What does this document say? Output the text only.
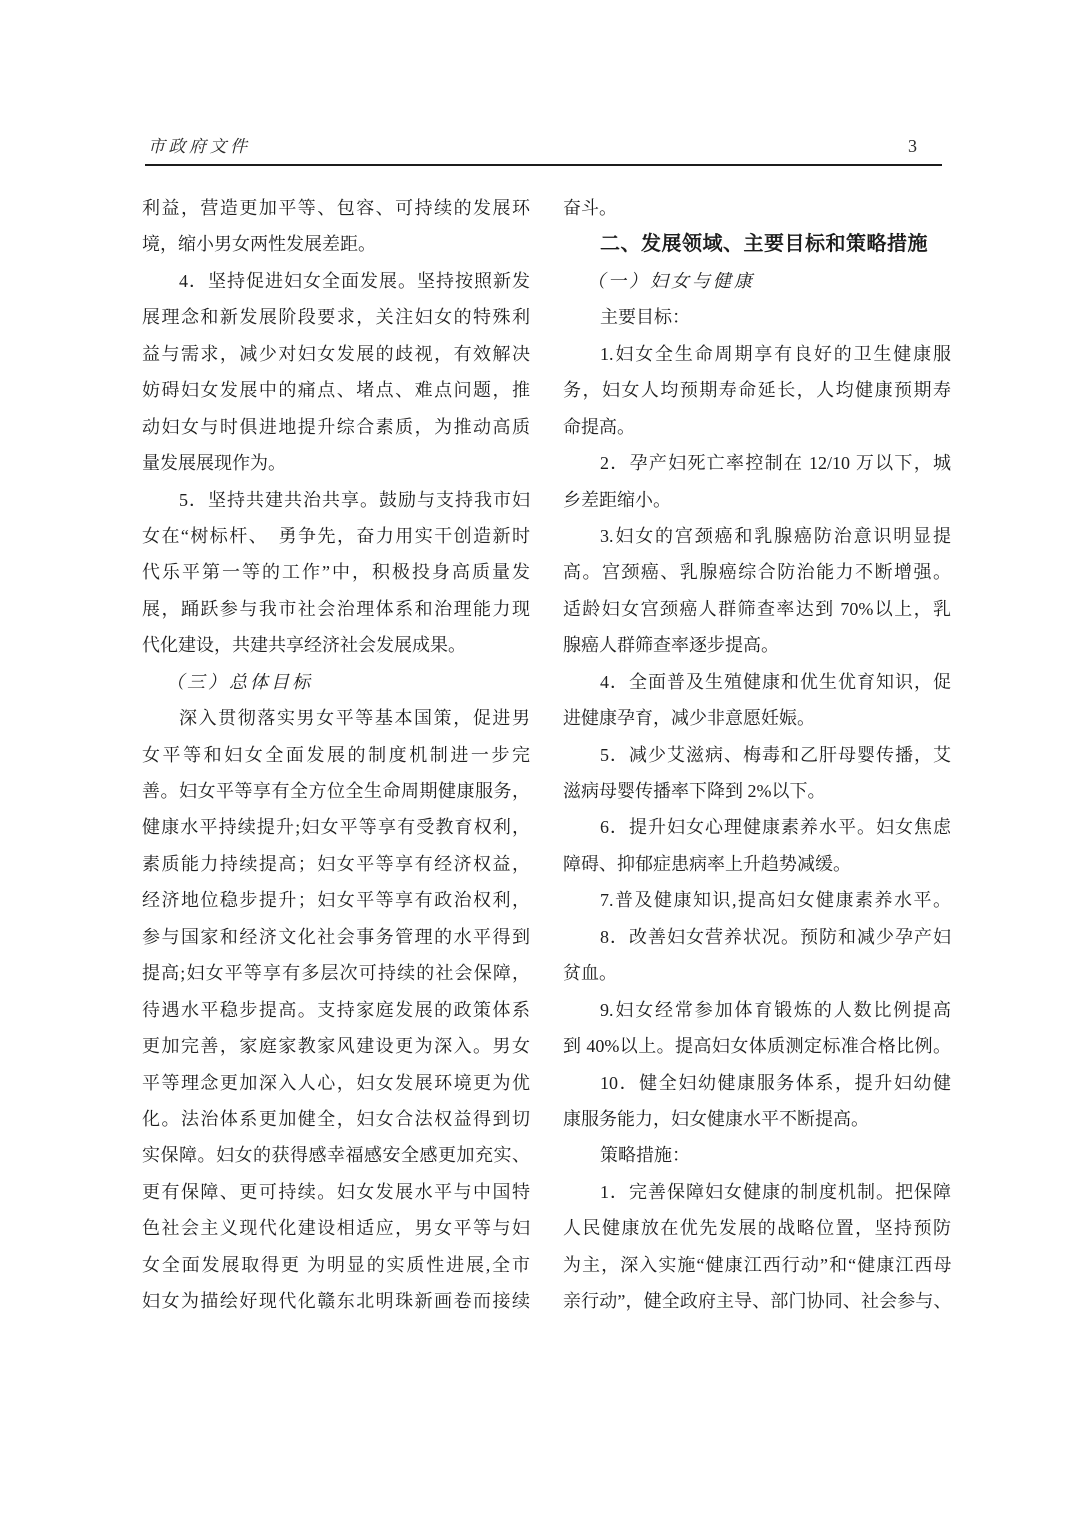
市政府文件	3
利益，营造更加平等、包容、可持续的发展环
境，缩小男女两性发展差距。
4．坚持促进妇女全面发展。坚持按照新发
展理念和新发展阶段要求，关注妇女的特殊利
益与需求，减少对妇女发展的歧视，有效解决
妨碍妇女发展中的痛点、堵点、难点问题，推
动妇女与时俱进地提升综合素质，为推动高质
量发展展现作为。
5．坚持共建共治共享。鼓励与支持我市妇
女在“树标杆、　勇争先，奋力用实干创造新时
代乐平第一等的工作”中，积极投身高质量发
展，踊跃参与我市社会治理体系和治理能力现
代化建设，共建共享经济社会发展成果。
（三）总体目标
深入贯彻落实男女平等基本国策，促进男
女平等和妇女全面发展的制度机制进一步完
善。妇女平等享有全方位全生命周期健康服务，
健康水平持续提升;妇女平等享有受教育权利，
素质能力持续提高；妇女平等享有经济权益，
经济地位稳步提升；妇女平等享有政治权利，
参与国家和经济文化社会事务管理的水平得到
提高;妇女平等享有多层次可持续的社会保障，
待遇水平稳步提高。支持家庭发展的政策体系
更加完善，家庭家教家风建设更为深入。男女
平等理念更加深入人心，妇女发展环境更为优
化。法治体系更加健全，妇女合法权益得到切
实保障。妇女的获得感幸福感安全感更加充实、
更有保障、更可持续。妇女发展水平与中国特
色社会主义现代化建设相适应，男女平等与妇
女全面发展取得更 为明显的实质性进展,全市
妇女为描绘好现代化赣东北明珠新画卷而接续
奋斗。
二、发展领域、主要目标和策略措施
（一）妇女与健康
主要目标：
1.妇女全生命周期享有良好的卫生健康服
务，妇女人均预期寿命延长，人均健康预期寿
命提高。
2．孕产妇死亡率控制在 12/10 万以下，城
乡差距缩小。
3.妇女的宫颈癌和乳腺癌防治意识明显提
高。宫颈癌、乳腺癌综合防治能力不断增强。
适龄妇女宫颈癌人群筛查率达到 70%以上，乳
腺癌人群筛查率逐步提高。
4．全面普及生殖健康和优生优育知识，促
进健康孕育，减少非意愿妊娠。
5．减少艾滋病、梅毒和乙肝母婴传播，艾
滋病母婴传播率下降到 2%以下。
6．提升妇女心理健康素养水平。妇女焦虑
障碍、抑郁症患病率上升趋势减缓。
7.普及健康知识,提高妇女健康素养水平。
8．改善妇女营养状况。预防和减少孕产妇
贫血。
9.妇女经常参加体育锻炼的人数比例提高
到 40%以上。提高妇女体质测定标准合格比例。
10．健全妇幼健康服务体系，提升妇幼健
康服务能力，妇女健康水平不断提高。
策略措施：
1．完善保障妇女健康的制度机制。把保障
人民健康放在优先发展的战略位置，坚持预防
为主，深入实施“健康江西行动”和“健康江西母
亲行动”，健全政府主导、部门协同、社会参与、
